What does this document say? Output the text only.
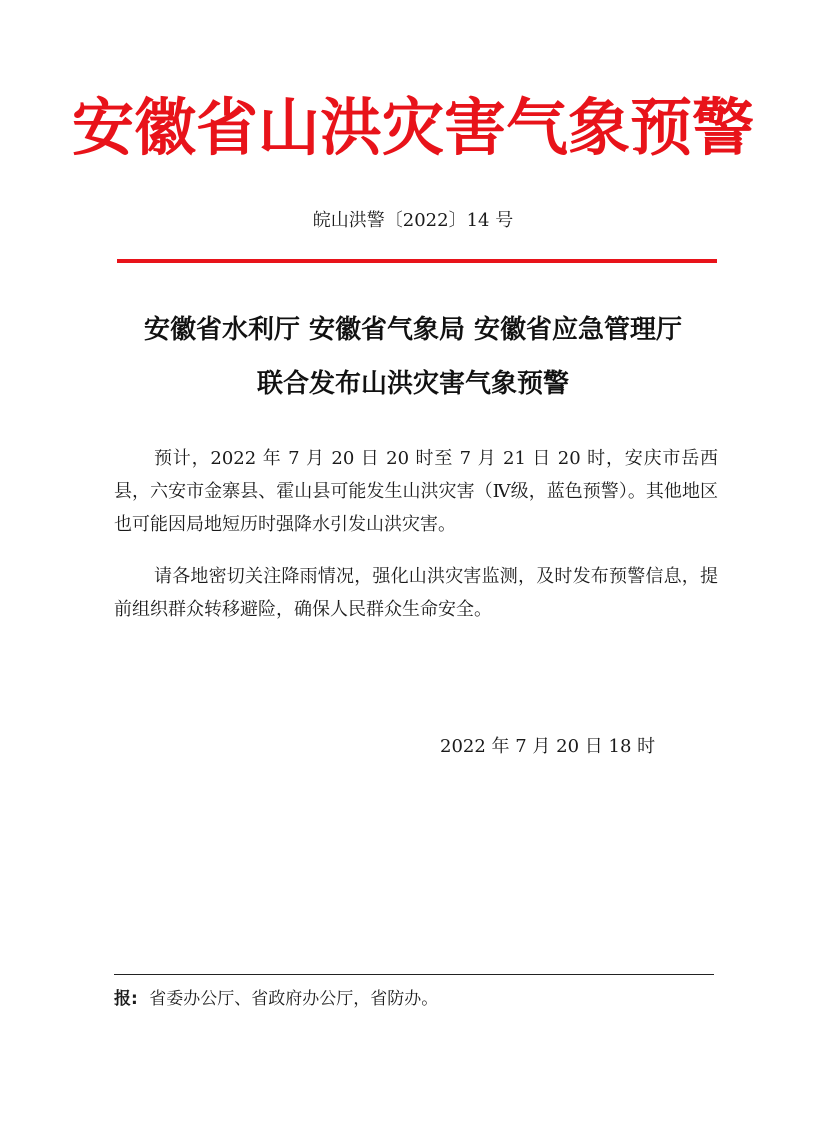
安徽省山洪灾害气象预警
皖山洪警〔2022〕14 号
安徽省水利厅 安徽省气象局 安徽省应急管理厅
联合发布山洪灾害气象预警

预计，2022 年 7 月 20 日 20 时至 7 月 21 日 20 时，安庆市岳西县，六安市金寨县、霍山县可能发生山洪灾害（Ⅳ级，蓝色预警）。其他地区也可能因局地短历时强降水引发山洪灾害。

请各地密切关注降雨情况，强化山洪灾害监测，及时发布预警信息，提前组织群众转移避险，确保人民群众生命安全。

2022 年 7 月 20 日 18 时
报: 省委办公厅、省政府办公厅，省防办。
